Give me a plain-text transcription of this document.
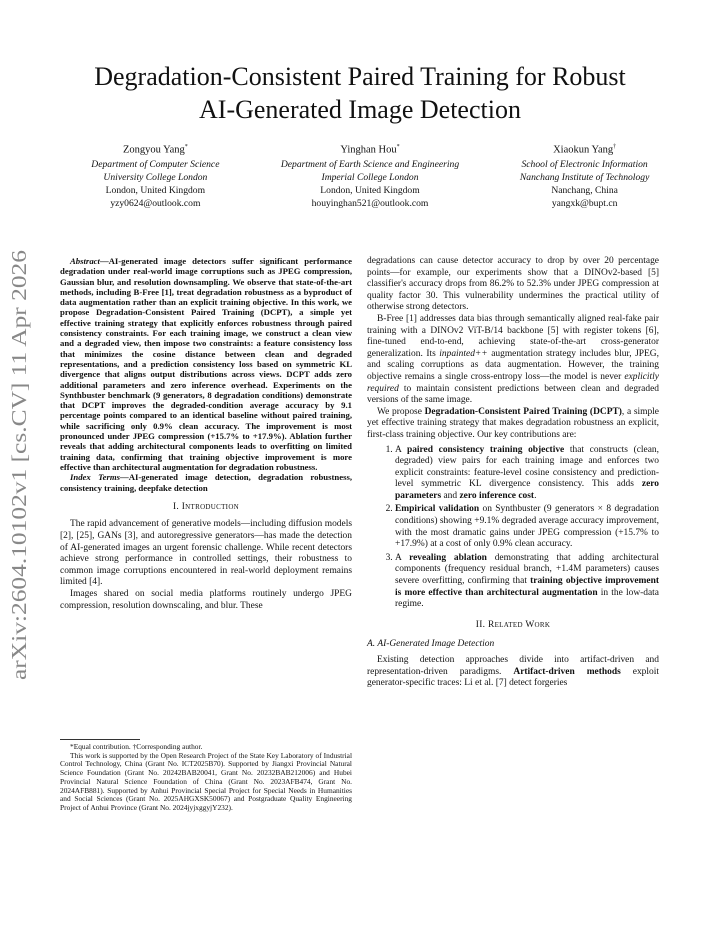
Degradation-Consistent Paired Training for Robust
AI-Generated Image Detection
Zongyou Yang*
Department of Computer Science
University College London
London, United Kingdom
yzy0624@outlook.com
Yinghan Hou*
Department of Earth Science and Engineering
Imperial College London
London, United Kingdom
houyinghan521@outlook.com
Xiaokun Yang†
School of Electronic Information
Nanchang Institute of Technology
Nanchang, China
yangxk@bupt.cn
arXiv:2604.10102v1 [cs.CV] 11 Apr 2026

Abstract—AI-generated image detectors suffer significant performance degradation under real-world image corruptions such as JPEG compression, Gaussian blur, and resolution downsampling. We observe that state-of-the-art methods, including B-Free [1], treat degradation robustness as a byproduct of data augmentation rather than an explicit training objective. In this work, we propose Degradation-Consistent Paired Training (DCPT), a simple yet effective training strategy that explicitly enforces robustness through paired consistency constraints. For each training image, we construct a clean view and a degraded view, then impose two constraints: a feature consistency loss that minimizes the cosine distance between clean and degraded representations, and a prediction consistency loss based on symmetric KL divergence that aligns output distributions across views. DCPT adds zero additional parameters and zero inference overhead. Experiments on the Synthbuster benchmark (9 generators, 8 degradation conditions) demonstrate that DCPT improves the degraded-condition average accuracy by 9.1 percentage points compared to an identical baseline without paired training, while sacrificing only 0.9% clean accuracy. The improvement is most pronounced under JPEG compression (+15.7% to +17.9%). Ablation further reveals that adding architectural components leads to overfitting on limited training data, confirming that training objective improvement is more effective than architectural augmentation for degradation robustness.

Index Terms—AI-generated image detection, degradation robustness, consistency training, deepfake detection

I. Introduction

The rapid advancement of generative models—including diffusion models [2], [25], GANs [3], and autoregressive generators—has made the detection of AI-generated images an urgent forensic challenge. While recent detectors achieve strong performance in controlled settings, their robustness to common image corruptions encountered in real-world deployment remains limited [4].

Images shared on social media platforms routinely undergo JPEG compression, resolution downscaling, and blur. These

*Equal contribution. †Corresponding author.

This work is supported by the Open Research Project of the State Key Laboratory of Industrial Control Technology, China (Grant No. ICT2025B70). Supported by Jiangxi Provincial Natural Science Foundation (Grant No. 20242BAB20041, Grant No. 20232BAB212006) and Hubei Provincial Natural Science Foundation of China (Grant No. 2023AFB474, Grant No. 2024AFB881). Supported by Anhui Provincial Special Project for Special Needs in Humanities and Social Sciences (Grant No. 2025AHGXSK50067) and Postgraduate Quality Engineering Project of Anhui Province (Grant No. 2024jyjxggyjY232).

degradations can cause detector accuracy to drop by over 20 percentage points—for example, our experiments show that a DINOv2-based [5] classifier's accuracy drops from 86.2% to 52.3% under JPEG compression at quality factor 30. This vulnerability undermines the practical utility of otherwise strong detectors.

B-Free [1] addresses data bias through semantically aligned real-fake pair training with a DINOv2 ViT-B/14 backbone [5] with register tokens [6], fine-tuned end-to-end, achieving state-of-the-art cross-generator generalization. Its inpainted++ augmentation strategy includes blur, JPEG, and scaling corruptions as data augmentation. However, the training objective remains a single cross-entropy loss—the model is never explicitly required to maintain consistent predictions between clean and degraded versions of the same image.

We propose Degradation-Consistent Paired Training (DCPT), a simple yet effective training strategy that makes degradation robustness an explicit, first-class training objective. Our key contributions are:

1. A paired consistency training objective that constructs (clean, degraded) view pairs for each training image and enforces two explicit constraints: feature-level cosine consistency and prediction-level symmetric KL divergence consistency. This adds zero parameters and zero inference cost.
2. Empirical validation on Synthbuster (9 generators × 8 degradation conditions) showing +9.1% degraded average accuracy improvement, with the most dramatic gains under JPEG compression (+15.7% to +17.9%) at a cost of only 0.9% clean accuracy.
3. A revealing ablation demonstrating that adding architectural components (frequency residual branch, +1.4M parameters) causes severe overfitting, confirming that training objective improvement is more effective than architectural augmentation in the low-data regime.
II. Related Work
A. AI-Generated Image Detection

Existing detection approaches divide into artifact-driven and representation-driven paradigms. Artifact-driven methods exploit generator-specific traces: Li et al. [7] detect forgeries
